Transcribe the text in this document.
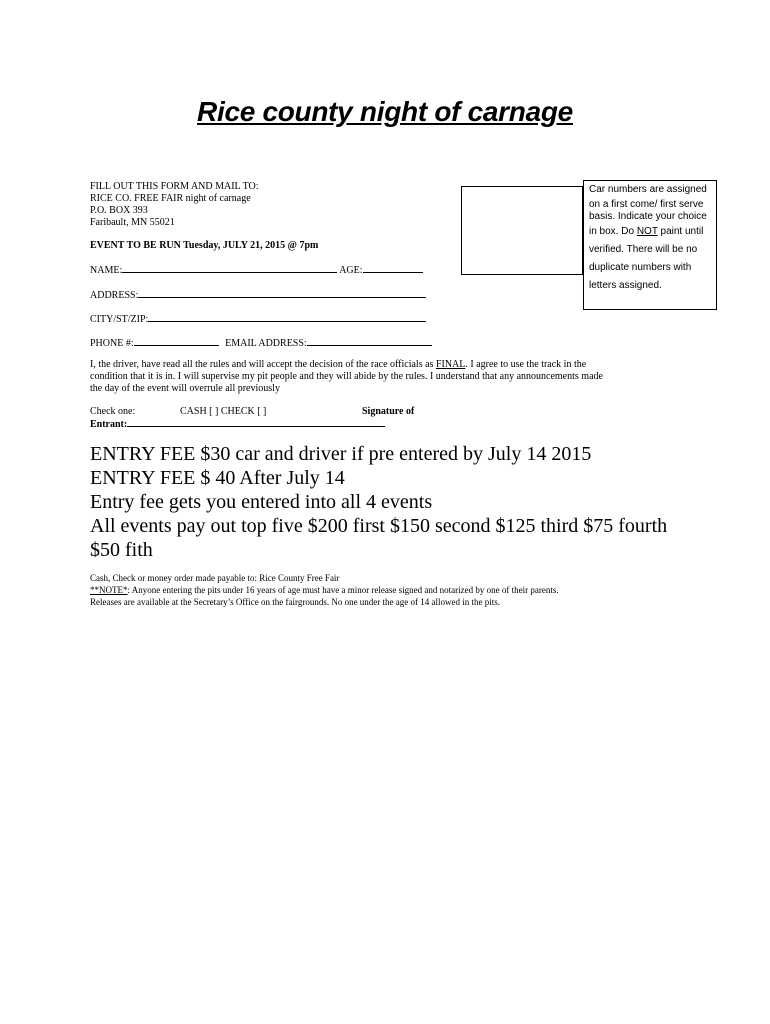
Rice county night of carnage
FILL OUT THIS FORM AND MAIL TO:
RICE CO. FREE FAIR night of carnage
P.O. BOX 393
Faribault, MN 55021
EVENT TO BE RUN Tuesday, JULY 21, 2015 @ 7pm
NAME:	AGE:
ADDRESS:
CITY/ST/ZIP:
PHONE #:	EMAIL ADDRESS:

Car numbers are assigned

on a first come/ first serve basis. Indicate your choice

in box. Do NOT paint until

verified. There will be no

duplicate numbers with

letters assigned.

I, the driver, have read all the rules and will accept the decision of the race officials as FINAL. I agree to use the track in the
condition that it is in. I will supervise my pit people and they will abide by the rules. I understand that any announcements made
the day of the event will overrule all previously
Check one:	CASH [ ] CHECK [ ]	Signature of
Entrant:
ENTRY FEE $30 car and driver if pre entered by July 14 2015
ENTRY FEE $ 40 After July 14
Entry fee gets you entered into all 4 events
All events pay out top five $200 first $150 second $125 third $75 fourth
$50 fith
Cash, Check or money order made payable to: Rice County Free Fair
**NOTE*: Anyone entering the pits under 16 years of age must have a minor release signed and notarized by one of their parents.
Releases are available at the Secretary’s Office on the fairgrounds. No one under the age of 14 allowed in the pits.
